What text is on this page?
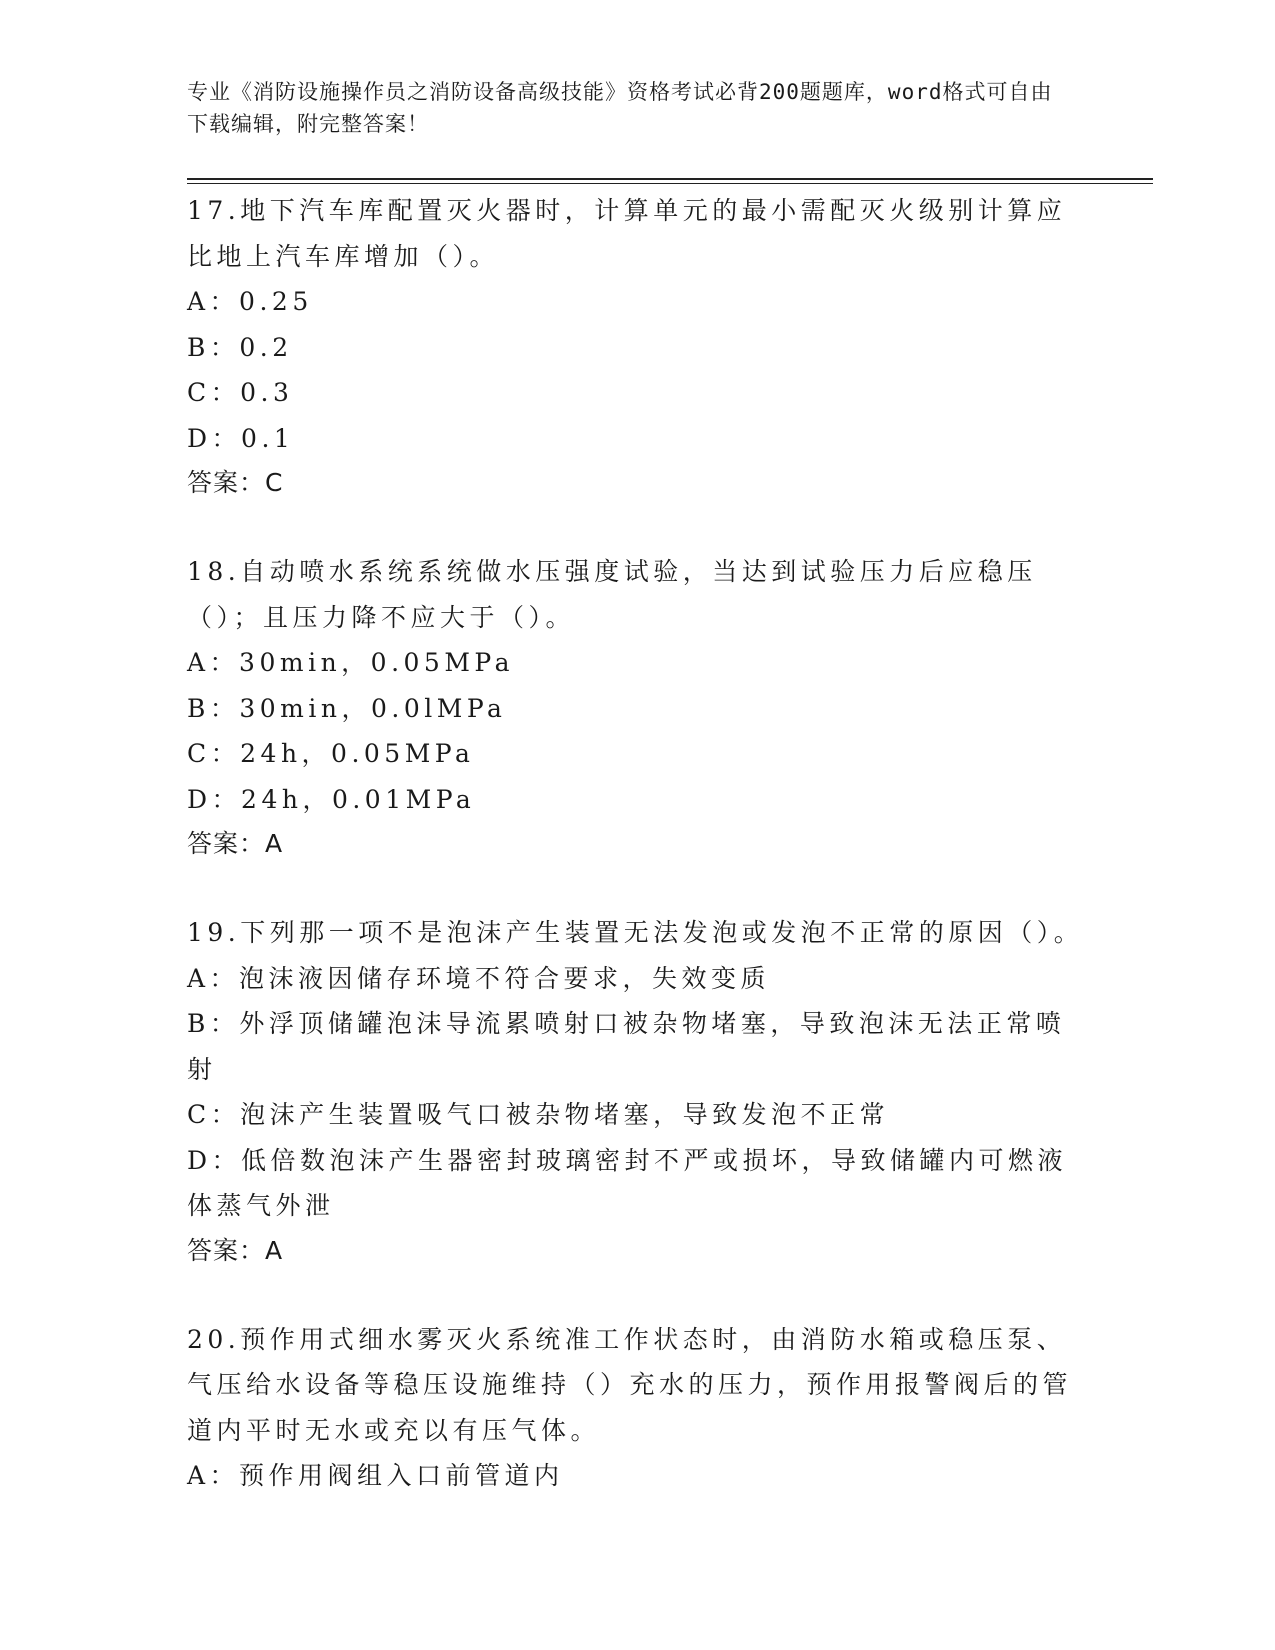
专业《消防设施操作员之消防设备高级技能》资格考试必背200题题库，word格式可自由下载编辑，附完整答案！
17.地下汽车库配置灭火器时，计算单元的最小需配灭火级别计算应比地上汽车库增加（）。
A：0.25
B：0.2
C：0.3
D：0.1
答案：C
18.自动喷水系统系统做水压强度试验，当达到试验压力后应稳压（）；且压力降不应大于（）。
A：30min，0.05MPa
B：30min，0.0lMPa
C：24h，0.05MPa
D：24h，0.01MPa
答案：A
19.下列那一项不是泡沫产生装置无法发泡或发泡不正常的原因（）。
A：泡沫液因储存环境不符合要求，失效变质
B：外浮顶储罐泡沫导流累喷射口被杂物堵塞，导致泡沫无法正常喷射
C：泡沫产生装置吸气口被杂物堵塞，导致发泡不正常
D：低倍数泡沫产生器密封玻璃密封不严或损坏，导致储罐内可燃液体蒸气外泄
答案：A
20.预作用式细水雾灭火系统准工作状态时，由消防水箱或稳压泵、气压给水设备等稳压设施维持（）充水的压力，预作用报警阀后的管道内平时无水或充以有压气体。
A：预作用阀组入口前管道内
